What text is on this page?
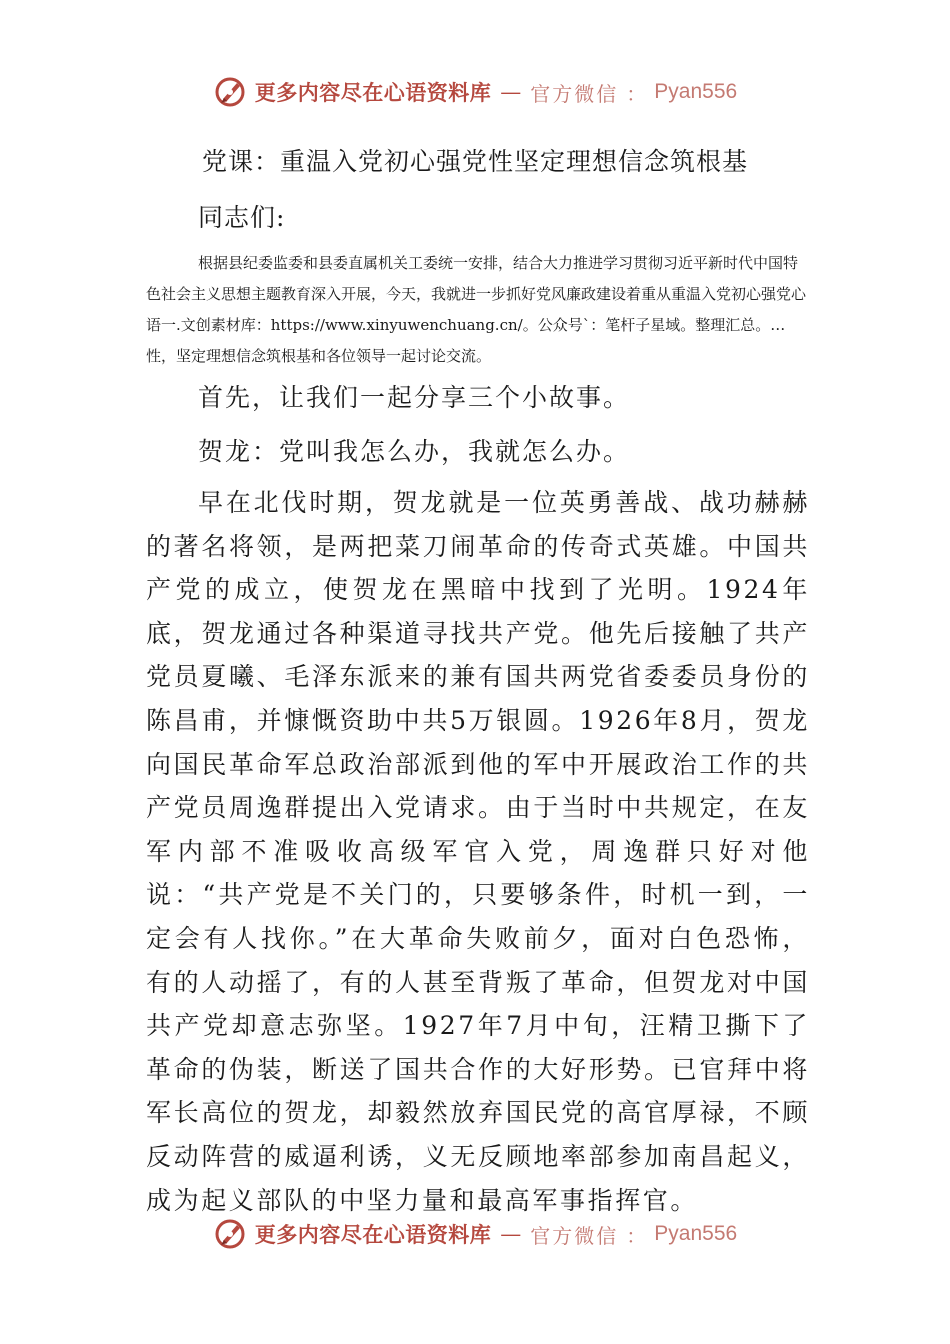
更多内容尽在心语资料库 — 官方微信 ： Pyan556
党课：重温入党初心强党性坚定理想信念筑根基
同志们:

根据县纪委监委和县委直属机关工委统一安排，结合大力推进学习贯彻习近平新时代中国特色社会主义思想主题教育深入开展，今天，我就进一步抓好党风廉政建设着重从重温入党初心强党心语一.文创素材库：https://www.xinyuwenchuang.cn/。公众号`：笔杆子星域。整理汇总。…性，坚定理想信念筑根基和各位领导一起讨论交流。

首先，让我们一起分享三个小故事。

贺龙：党叫我怎么办，我就怎么办。

早在北伐时期，贺龙就是一位英勇善战、战功赫赫的著名将领，是两把菜刀闹革命的传奇式英雄。中国共产党的成立，使贺龙在黑暗中找到了光明。1924年底，贺龙通过各种渠道寻找共产党。他先后接触了共产党员夏曦、毛泽东派来的兼有国共两党省委委员身份的陈昌甫，并慷慨资助中共5万银圆。1926年8月，贺龙向国民革命军总政治部派到他的军中开展政治工作的共产党员周逸群提出入党请求。由于当时中共规定，在友军内部不准吸收高级军官入党，周逸群只好对他说：“共产党是不关门的，只要够条件，时机一到，一定会有人找你。”在大革命失败前夕，面对白色恐怖，有的人动摇了，有的人甚至背叛了革命，但贺龙对中国共产党却意志弥坚。1927年7月中旬，汪精卫撕下了革命的伪装，断送了国共合作的大好形势。已官拜中将军长高位的贺龙，却毅然放弃国民党的高官厚禄，不顾反动阵营的威逼利诱，义无反顾地率部参加南昌起义，成为起义部队的中坚力量和最高军事指挥官。

更多内容尽在心语资料库 — 官方微信 ： Pyan556
